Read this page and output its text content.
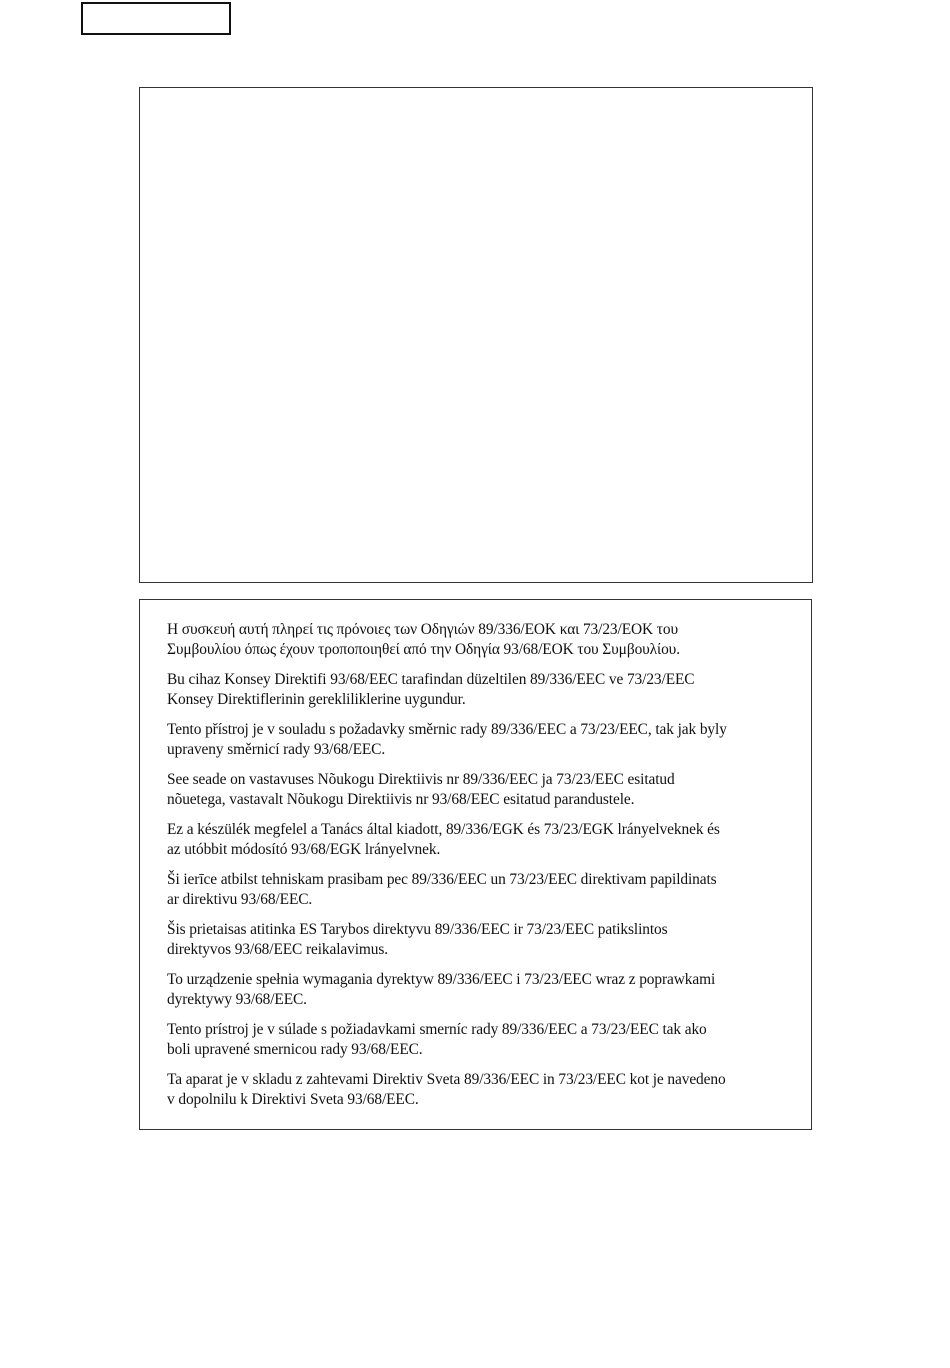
Η συσκευή αυτή πληρεί τις πρόνοιες των Οδηγιών 89/336/ΕΟΚ και 73/23/ΕΟΚ του
Συμβουλίου όπως έχουν τροποποιηθεί από την Οδηγία 93/68/ΕΟΚ του Συμβουλίου.

Bu cihaz Konsey Direktifi 93/68/EEC tarafindan düzeltilen 89/336/EEC ve 73/23/EEC
Konsey Direktiflerinin gerekliliklerine uygundur.

Tento přístroj je v souladu s požadavky směrnic rady 89/336/EEC a 73/23/EEC, tak jak byly
upraveny směrnicí rady 93/68/EEC.

See seade on vastavuses Nõukogu Direktiivis nr 89/336/EEC ja 73/23/EEC esitatud
nõuetega, vastavalt Nõukogu Direktiivis nr 93/68/EEC esitatud parandustele.

Ez a készülék megfelel a Tanács által kiadott, 89/336/EGK és 73/23/EGK lrányelveknek és
az utóbbit módosító 93/68/EGK lrányelvnek.

Ši ierīce atbilst tehniskam prasibam pec 89/336/EEC un 73/23/EEC direktivam papildinats
ar direktivu 93/68/EEC.

Šis prietaisas atitinka ES Tarybos direktyvu 89/336/EEC ir 73/23/EEC patikslintos
direktyvos 93/68/EEC reikalavimus.

To urządzenie spełnia wymagania dyrektyw 89/336/EEC i 73/23/EEC wraz z poprawkami
dyrektywy 93/68/EEC.

Tento prístroj je v súlade s požiadavkami smerníc rady 89/336/EEC a 73/23/EEC tak ako
boli upravené smernicou rady 93/68/EEC.

Ta aparat je v skladu z zahtevami Direktiv Sveta 89/336/EEC in 73/23/EEC kot je navedeno
v dopolnilu k Direktivi Sveta 93/68/EEC.
